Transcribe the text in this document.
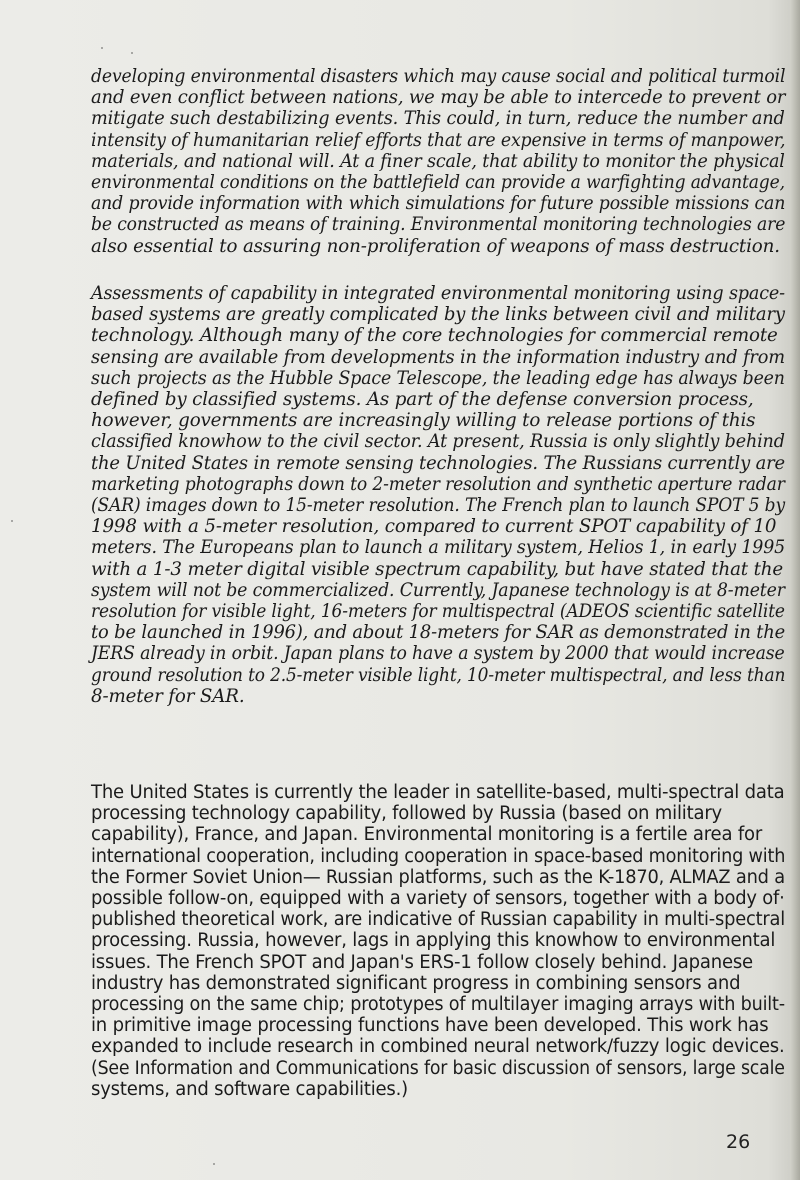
developing environmental disasters which may cause social and political turmoil
and even conflict between nations, we may be able to intercede to prevent or
mitigate such destabilizing events. This could, in turn, reduce the number and
intensity of humanitarian relief efforts that are expensive in terms of manpower,
materials, and national will. At a finer scale, that ability to monitor the physical
environmental conditions on the battlefield can provide a warfighting advantage,
and provide information with which simulations for future possible missions can
be constructed as means of training. Environmental monitoring technologies are
also essential to assuring non-proliferation of weapons of mass destruction.
Assessments of capability in integrated environmental monitoring using space-
based systems are greatly complicated by the links between civil and military
technology. Although many of the core technologies for commercial remote
sensing are available from developments in the information industry and from
such projects as the Hubble Space Telescope, the leading edge has always been
defined by classified systems. As part of the defense conversion process,
however, governments are increasingly willing to release portions of this
classified knowhow to the civil sector. At present, Russia is only slightly behind
the United States in remote sensing technologies. The Russians currently are
marketing photographs down to 2-meter resolution and synthetic aperture radar
(SAR) images down to 15-meter resolution. The French plan to launch SPOT 5 by
1998 with a 5-meter resolution, compared to current SPOT capability of 10
meters. The Europeans plan to launch a military system, Helios 1, in early 1995
with a 1-3 meter digital visible spectrum capability, but have stated that the
system will not be commercialized. Currently, Japanese technology is at 8-meter
resolution for visible light, 16-meters for multispectral (ADEOS scientific satellite
to be launched in 1996), and about 18-meters for SAR as demonstrated in the
JERS already in orbit. Japan plans to have a system by 2000 that would increase
ground resolution to 2.5-meter visible light, 10-meter multispectral, and less than
8-meter for SAR.
The United States is currently the leader in satellite-based, multi-spectral data
processing technology capability, followed by Russia (based on military
capability), France, and Japan. Environmental monitoring is a fertile area for
international cooperation, including cooperation in space-based monitoring with
the Former Soviet Union— Russian platforms, such as the K-1870, ALMAZ and a
possible follow-on, equipped with a variety of sensors, together with a body of·
published theoretical work, are indicative of Russian capability in multi-spectral
processing. Russia, however, lags in applying this knowhow to environmental
issues. The French SPOT and Japan's ERS-1 follow closely behind. Japanese
industry has demonstrated significant progress in combining sensors and
processing on the same chip; prototypes of multilayer imaging arrays with built-
in primitive image processing functions have been developed. This work has
expanded to include research in combined neural network/fuzzy logic devices.
(See Information and Communications for basic discussion of sensors, large scale
systems, and software capabilities.)
26
